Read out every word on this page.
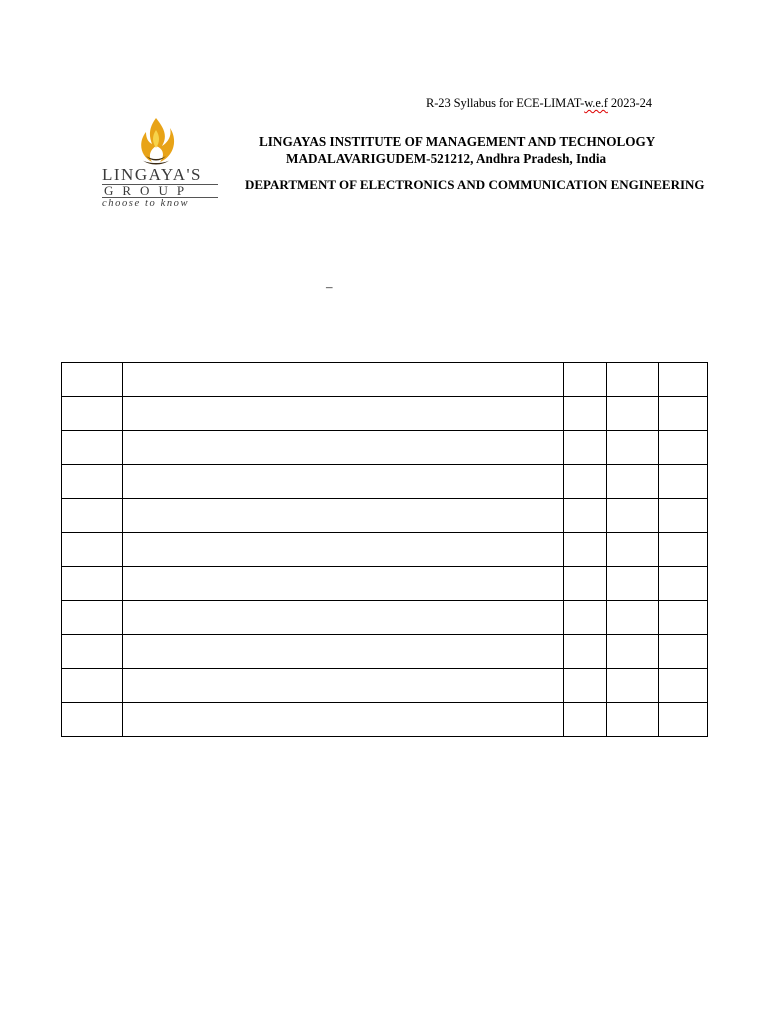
R-23 Syllabus for ECE-LIMAT-w.e.f 2023-24
LINGAYA'S
GROUP
choose to know
LINGAYAS INSTITUTE OF MANAGEMENT AND TECHNOLOGY
MADALAVARIGUDEM-521212, Andhra Pradesh, India
DEPARTMENT OF ELECTRONICS AND COMMUNICATION ENGINEERING
–
